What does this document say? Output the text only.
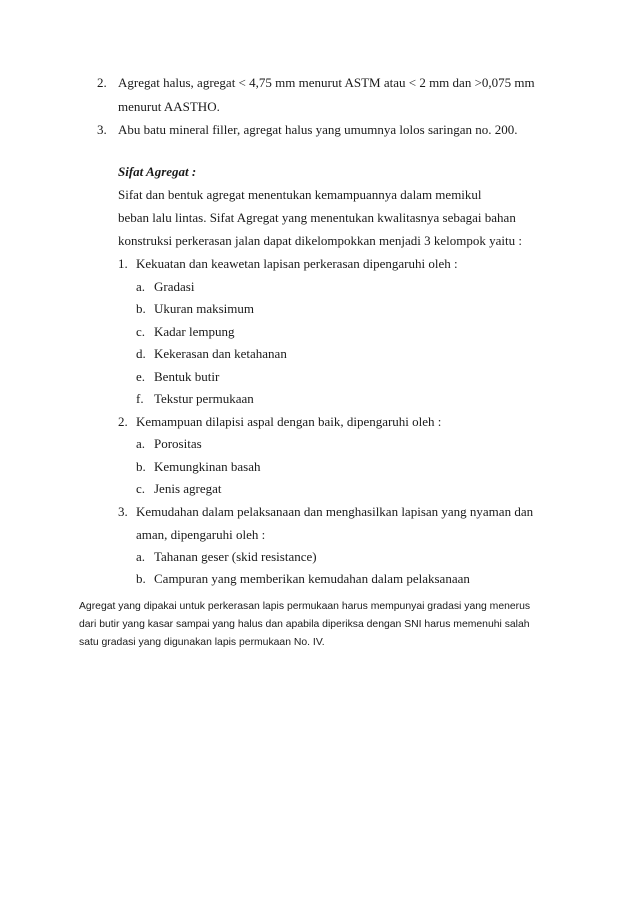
2. Agregat halus, agregat < 4,75 mm menurut ASTM atau < 2 mm dan >0,075 mm
menurut AASTHO.
3. Abu batu mineral filler, agregat halus yang umumnya lolos saringan no. 200.
Sifat Agregat :
Sifat dan bentuk agregat menentukan kemampuannya dalam memikul
beban lalu lintas. Sifat Agregat yang menentukan kwalitasnya sebagai bahan
konstruksi perkerasan jalan dapat dikelompokkan menjadi 3 kelompok yaitu :
1. Kekuatan dan keawetan lapisan perkerasan dipengaruhi oleh :
a. Gradasi
b. Ukuran maksimum
c. Kadar lempung
d. Kekerasan dan ketahanan
e. Bentuk butir
f. Tekstur permukaan
2. Kemampuan dilapisi aspal dengan baik, dipengaruhi oleh :
a. Porositas
b. Kemungkinan basah
c. Jenis agregat
3. Kemudahan dalam pelaksanaan dan menghasilkan lapisan yang nyaman dan
aman, dipengaruhi oleh :
a. Tahanan geser (skid resistance)
b. Campuran yang memberikan kemudahan dalam pelaksanaan
Agregat yang dipakai untuk perkerasan lapis permukaan harus mempunyai gradasi yang menerus
dari butir yang kasar sampai yang halus dan apabila diperiksa dengan SNI harus memenuhi salah
satu gradasi yang digunakan lapis permukaan No. IV.
